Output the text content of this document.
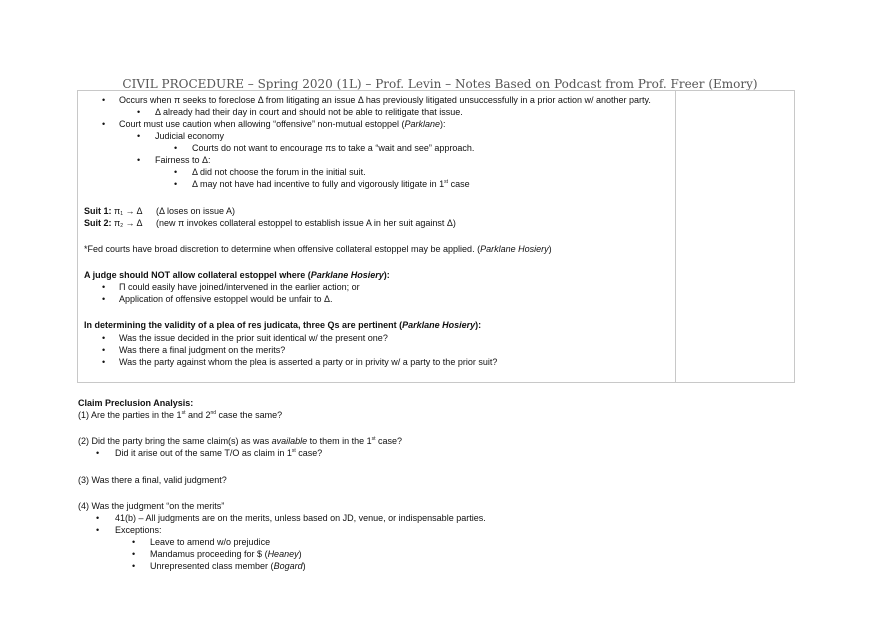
CIVIL PROCEDURE – Spring 2020 (1L) – Prof. Levin – Notes Based on Podcast from Prof. Freer (Emory)
• Occurs when π seeks to foreclose Δ from litigating an issue Δ has previously litigated unsuccessfully in a prior action w/ another party.
• Δ already had their day in court and should not be able to relitigate that issue.
• Court must use caution when allowing “offensive” non-mutual estoppel (Parklane):
• Judicial economy
• Courts do not want to encourage πs to take a “wait and see” approach.
• Fairness to Δ:
• Δ did not choose the forum in the initial suit.
• Δ may not have had incentive to fully and vigorously litigate in 1st case
Suit 1: $\pi_1 \to \Delta$ (Δ loses on issue A)
Suit 2: $\pi_2 \to \Delta$ (new π invokes collateral estoppel to establish issue A in her suit against Δ)
*Fed courts have broad discretion to determine when offensive collateral estoppel may be applied. (Parklane Hosiery)
A judge should NOT allow collateral estoppel where (Parklane Hosiery):
• Π could easily have joined/intervened in the earlier action; or
• Application of offensive estoppel would be unfair to Δ.
In determining the validity of a plea of res judicata, three Qs are pertinent (Parklane Hosiery):
• Was the issue decided in the prior suit identical w/ the present one?
• Was there a final judgment on the merits?
• Was the party against whom the plea is asserted a party or in privity w/ a party to the prior suit?
Claim Preclusion Analysis:
(1) Are the parties in the 1st and 2nd case the same?
(2) Did the party bring the same claim(s) as was available to them in the 1st case?
• Did it arise out of the same T/O as claim in 1st case?
(3) Was there a final, valid judgment?
(4) Was the judgment “on the merits”
• 41(b) – All judgments are on the merits, unless based on JD, venue, or indispensable parties.
• Exceptions:
• Leave to amend w/o prejudice
• Mandamus proceeding for $ (Heaney)
• Unrepresented class member (Bogard)
